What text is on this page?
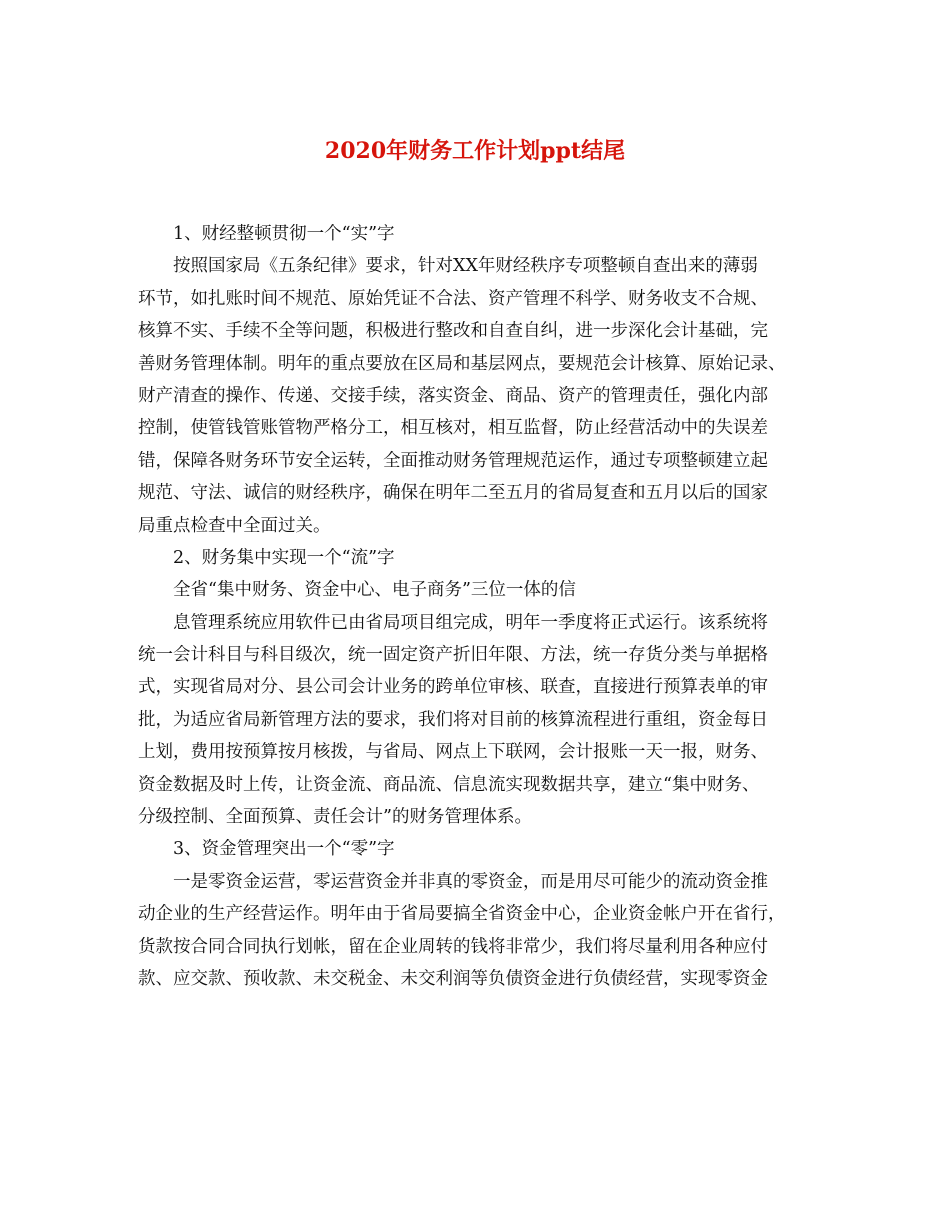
2020年财务工作计划ppt结尾
1、财经整顿贯彻一个“实”字
按照国家局《五条纪律》要求，针对XX年财经秩序专项整顿自查出来的薄弱
环节，如扎账时间不规范、原始凭证不合法、资产管理不科学、财务收支不合规、
核算不实、手续不全等问题，积极进行整改和自查自纠，进一步深化会计基础，完
善财务管理体制。明年的重点要放在区局和基层网点，要规范会计核算、原始记录、
财产清查的操作、传递、交接手续，落实资金、商品、资产的管理责任，强化内部
控制，使管钱管账管物严格分工，相互核对，相互监督，防止经营活动中的失误差
错，保障各财务环节安全运转，全面推动财务管理规范运作，通过专项整顿建立起
规范、守法、诚信的财经秩序，确保在明年二至五月的省局复查和五月以后的国家
局重点检查中全面过关。
2、财务集中实现一个“流”字
全省“集中财务、资金中心、电子商务”三位一体的信
息管理系统应用软件已由省局项目组完成，明年一季度将正式运行。该系统将
统一会计科目与科目级次，统一固定资产折旧年限、方法，统一存货分类与单据格
式，实现省局对分、县公司会计业务的跨单位审核、联查，直接进行预算表单的审
批，为适应省局新管理方法的要求，我们将对目前的核算流程进行重组，资金每日
上划，费用按预算按月核拨，与省局、网点上下联网，会计报账一天一报，财务、
资金数据及时上传，让资金流、商品流、信息流实现数据共享，建立“集中财务、
分级控制、全面预算、责任会计”的财务管理体系。
3、资金管理突出一个“零”字
一是零资金运营，零运营资金并非真的零资金，而是用尽可能少的流动资金推
动企业的生产经营运作。明年由于省局要搞全省资金中心，企业资金帐户开在省行，
货款按合同合同执行划帐，留在企业周转的钱将非常少，我们将尽量利用各种应付
款、应交款、预收款、未交税金、未交利润等负债资金进行负债经营，实现零资金
